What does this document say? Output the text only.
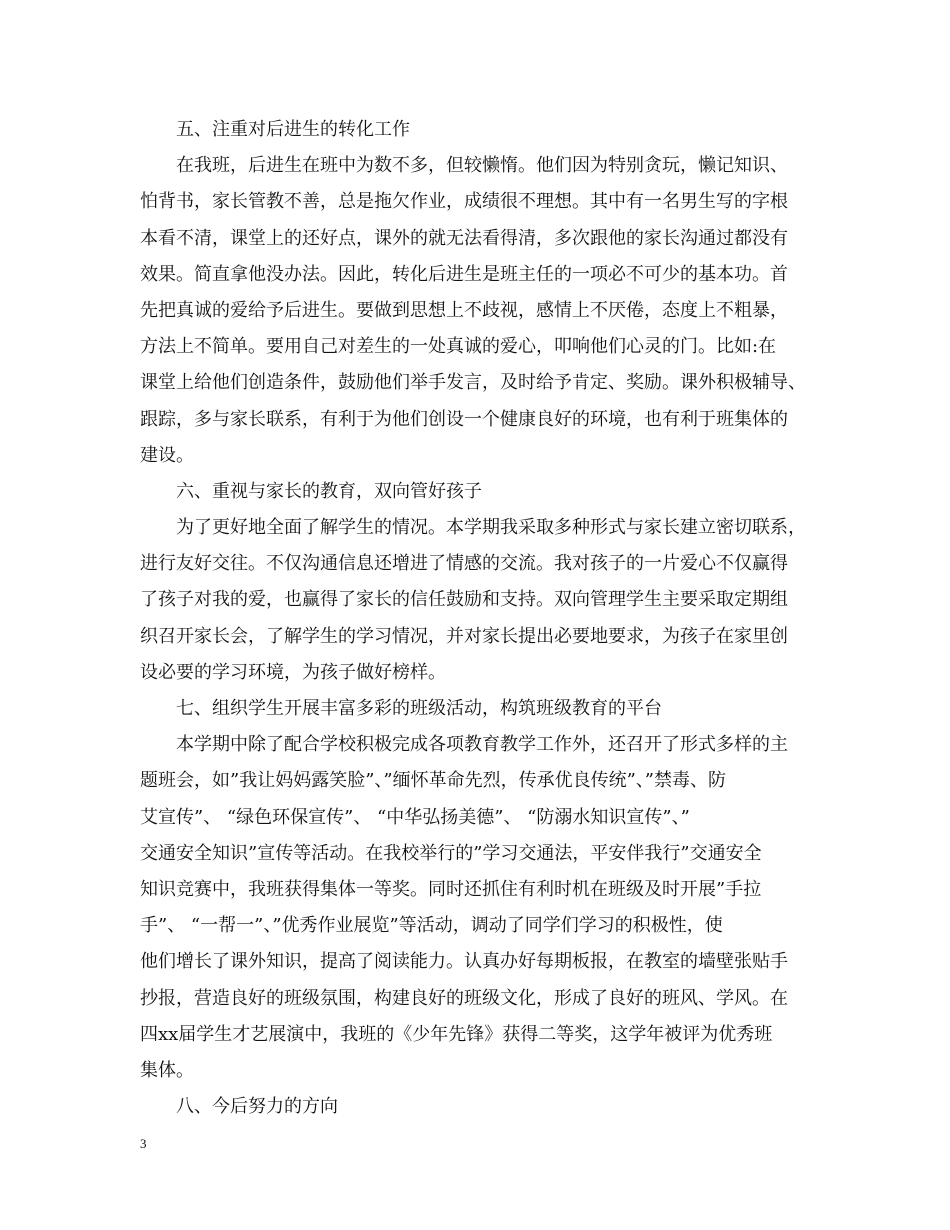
五、注重对后进生的转化工作
在我班，后进生在班中为数不多，但较懒惰。他们因为特别贪玩，懒记知识、
怕背书，家长管教不善，总是拖欠作业，成绩很不理想。其中有一名男生写的字根
本看不清，课堂上的还好点，课外的就无法看得清，多次跟他的家长沟通过都没有
效果。简直拿他没办法。因此，转化后进生是班主任的一项必不可少的基本功。首
先把真诚的爱给予后进生。要做到思想上不歧视，感情上不厌倦，态度上不粗暴，
方法上不简单。要用自己对差生的一处真诚的爱心，叩响他们心灵的门。比如:在
课堂上给他们创造条件，鼓励他们举手发言，及时给予肯定、奖励。课外积极辅导、
跟踪，多与家长联系，有利于为他们创设一个健康良好的环境，也有利于班集体的
建设。
六、重视与家长的教育，双向管好孩子
为了更好地全面了解学生的情况。本学期我采取多种形式与家长建立密切联系，
进行友好交往。不仅沟通信息还增进了情感的交流。我对孩子的一片爱心不仅赢得
了孩子对我的爱，也赢得了家长的信任鼓励和支持。双向管理学生主要采取定期组
织召开家长会，了解学生的学习情况，并对家长提出必要地要求，为孩子在家里创
设必要的学习环境，为孩子做好榜样。
七、组织学生开展丰富多彩的班级活动，构筑班级教育的平台
本学期中除了配合学校积极完成各项教育教学工作外，还召开了形式多样的主
题班会，如”我让妈妈露笑脸”、”缅怀革命先烈，传承优良传统”、”禁毒、防
艾宣传”、 “绿色环保宣传”、 “中华弘扬美德”、 “防溺水知识宣传”、”
交通安全知识”宣传等活动。在我校举行的”学习交通法，平安伴我行”交通安全
知识竞赛中，我班获得集体一等奖。同时还抓住有利时机在班级及时开展”手拉
手”、 “一帮一”、”优秀作业展览”等活动，调动了同学们学习的积极性，使
他们增长了课外知识，提高了阅读能力。认真办好每期板报，在教室的墙壁张贴手
抄报，营造良好的班级氛围，构建良好的班级文化，形成了良好的班风、学风。在
四xx届学生才艺展演中，我班的《少年先锋》获得二等奖，这学年被评为优秀班
集体。
八、今后努力的方向
3
